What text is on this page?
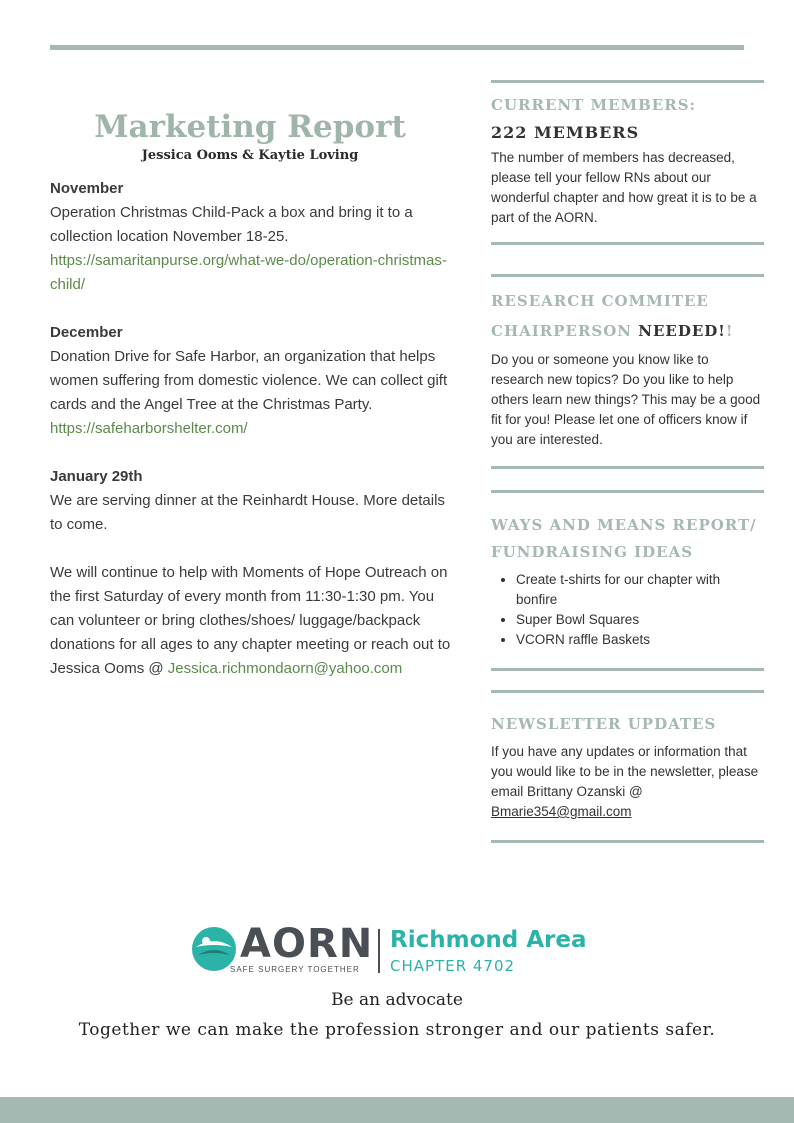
Marketing Report
Jessica Ooms & Kaytie Loving
November
Operation Christmas Child-Pack a box and bring it to a collection location November 18-25.
https://samaritanpurse.org/what-we-do/operation-christmas-child/
December
Donation Drive for Safe Harbor, an organization that helps women suffering from domestic violence. We can collect gift cards and the Angel Tree at the Christmas Party.
https://safeharborshelter.com/
January 29th
We are serving dinner at the Reinhardt House. More details to come.
We will continue to help with Moments of Hope Outreach on the first Saturday of every month from 11:30-1:30 pm. You can volunteer or bring clothes/shoes/ luggage/backpack donations for all ages to any chapter meeting or reach out to Jessica Ooms @ Jessica.richmondaorn@yahoo.com
CURRENT MEMBERS:
222 MEMBERS
The number of members has decreased, please tell your fellow RNs about our wonderful chapter and how great it is to be a part of the AORN.
RESEARCH COMMITEE
CHAIRPERSON NEEDED!!
Do you or someone you know like to research new topics? Do you like to help others learn new things? This may be a good fit for you! Please let one of officers know if you are interested.
WAYS AND MEANS REPORT/
FUNDRAISING IDEAS
• Create t-shirts for our chapter with bonfire
• Super Bowl Squares
• VCORN raffle Baskets
NEWSLETTER UPDATES
If you have any updates or information that you would like to be in the newsletter, please email Brittany Ozanski @ Bmarie354@gmail.com
AORN
SAFE SURGERY TOGETHER
Richmond Area
CHAPTER 4702
Be an advocate
Together we can make the profession stronger and our patients safer.
